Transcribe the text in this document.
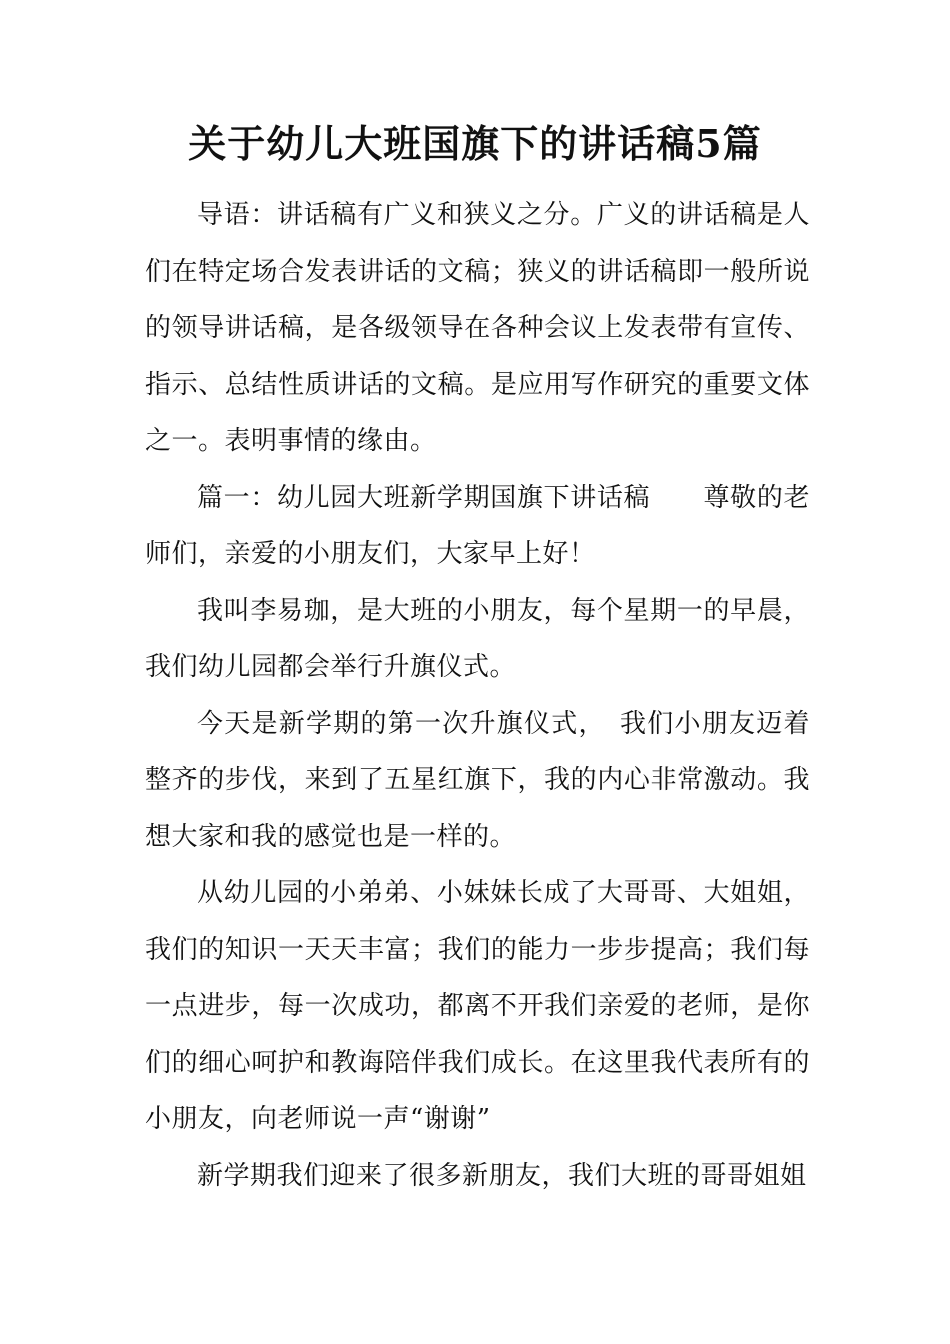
关于幼儿大班国旗下的讲话稿5篇

导语：讲话稿有广义和狭义之分。广义的讲话稿是人们在特定场合发表讲话的文稿；狭义的讲话稿即一般所说的领导讲话稿，是各级领导在各种会议上发表带有宣传、指示、总结性质讲话的文稿。是应用写作研究的重要文体之一。表明事情的缘由。

篇一：幼儿园大班新学期国旗下讲话稿　　尊敬的老师们，亲爱的小朋友们，大家早上好！

我叫李易珈，是大班的小朋友，每个星期一的早晨，我们幼儿园都会举行升旗仪式。

今天是新学期的第一次升旗仪式，　我们小朋友迈着整齐的步伐，来到了五星红旗下，我的内心非常激动。我想大家和我的感觉也是一样的。

从幼儿园的小弟弟、小妹妹长成了大哥哥、大姐姐，我们的知识一天天丰富；我们的能力一步步提高；我们每一点进步，每一次成功，都离不开我们亲爱的老师，是你们的细心呵护和教诲陪伴我们成长。在这里我代表所有的小朋友，向老师说一声“谢谢”

新学期我们迎来了很多新朋友，我们大班的哥哥姐姐
